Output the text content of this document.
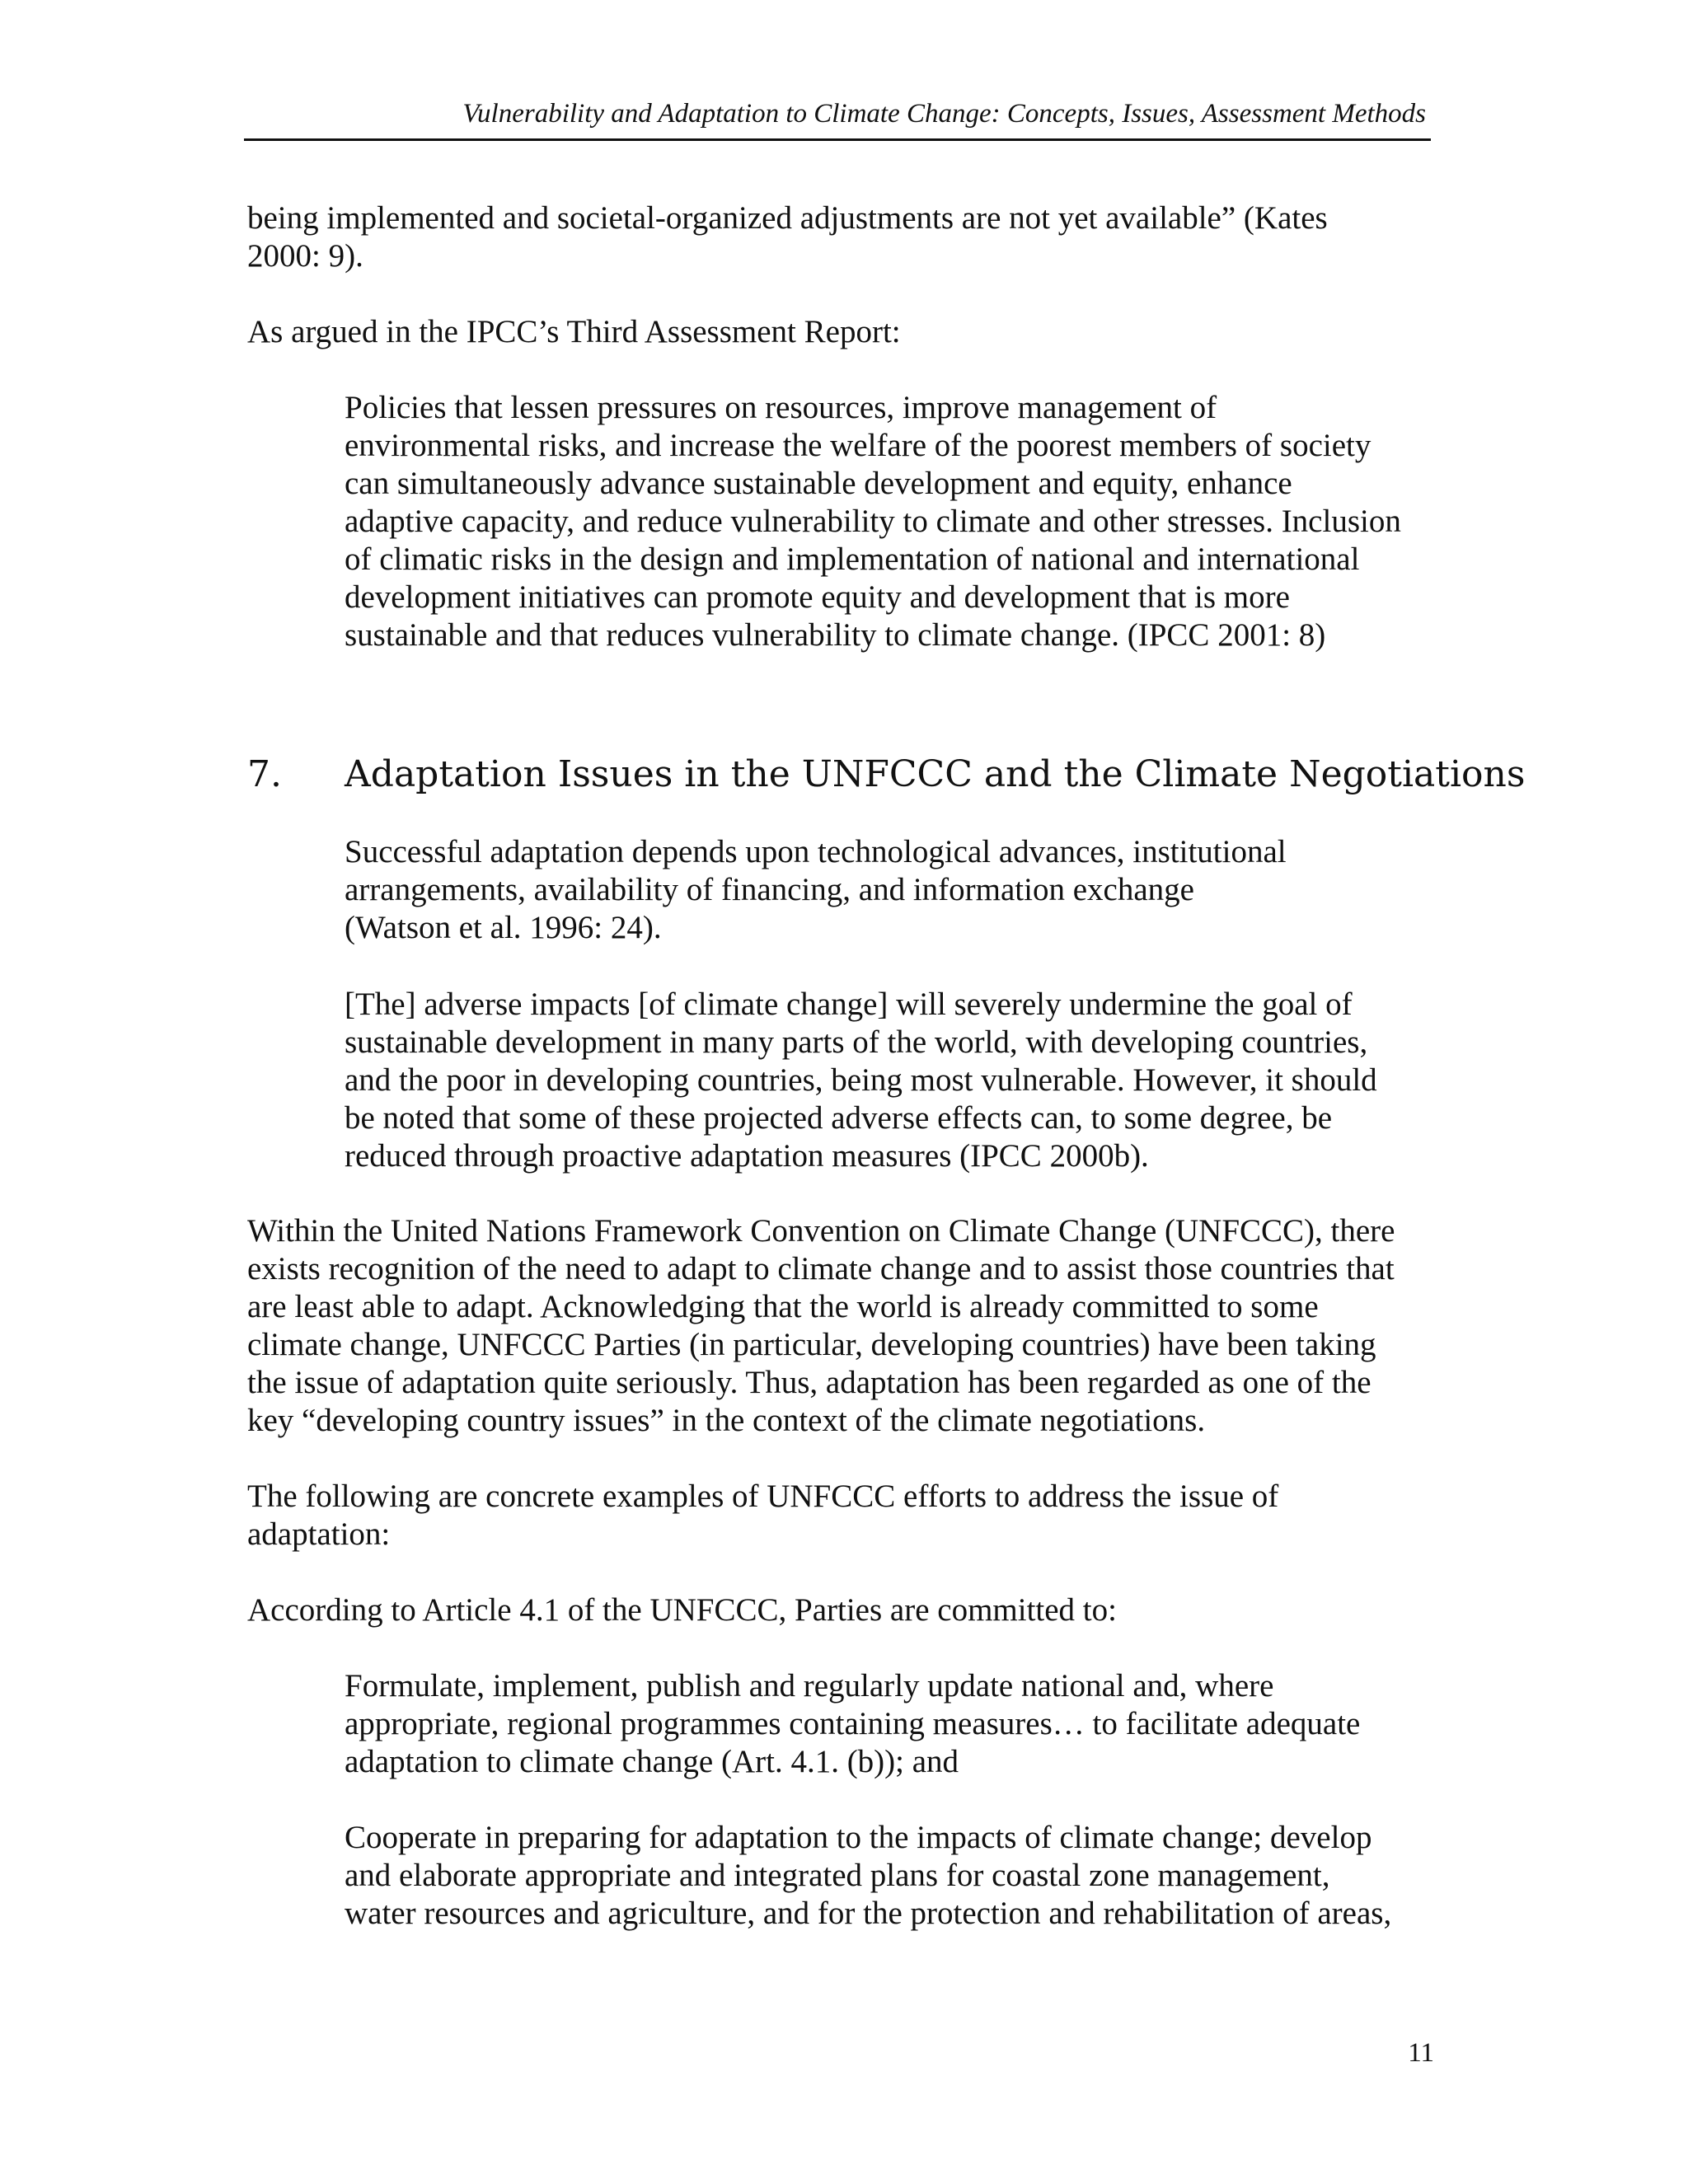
Vulnerability and Adaptation to Climate Change: Concepts, Issues, Assessment Methods
being implemented and societal-organized adjustments are not yet available” (Kates
2000: 9).
As argued in the IPCC’s Third Assessment Report:
Policies that lessen pressures on resources, improve management of
environmental risks, and increase the welfare of the poorest members of society
can simultaneously advance sustainable development and equity, enhance
adaptive capacity, and reduce vulnerability to climate and other stresses. Inclusion
of climatic risks in the design and implementation of national and international
development initiatives can promote equity and development that is more
sustainable and that reduces vulnerability to climate change. (IPCC 2001: 8)
7. Adaptation Issues in the UNFCCC and the Climate Negotiations
Successful adaptation depends upon technological advances, institutional
arrangements, availability of financing, and information exchange
(Watson et al. 1996: 24).
[The] adverse impacts [of climate change] will severely undermine the goal of
sustainable development in many parts of the world, with developing countries,
and the poor in developing countries, being most vulnerable. However, it should
be noted that some of these projected adverse effects can, to some degree, be
reduced through proactive adaptation measures (IPCC 2000b).
Within the United Nations Framework Convention on Climate Change (UNFCCC), there
exists recognition of the need to adapt to climate change and to assist those countries that
are least able to adapt. Acknowledging that the world is already committed to some
climate change, UNFCCC Parties (in particular, developing countries) have been taking
the issue of adaptation quite seriously. Thus, adaptation has been regarded as one of the
key “developing country issues” in the context of the climate negotiations.
The following are concrete examples of UNFCCC efforts to address the issue of
adaptation:
According to Article 4.1 of the UNFCCC, Parties are committed to:
Formulate, implement, publish and regularly update national and, where
appropriate, regional programmes containing measures… to facilitate adequate
adaptation to climate change (Art. 4.1. (b)); and
Cooperate in preparing for adaptation to the impacts of climate change; develop
and elaborate appropriate and integrated plans for coastal zone management,
water resources and agriculture, and for the protection and rehabilitation of areas,
11
